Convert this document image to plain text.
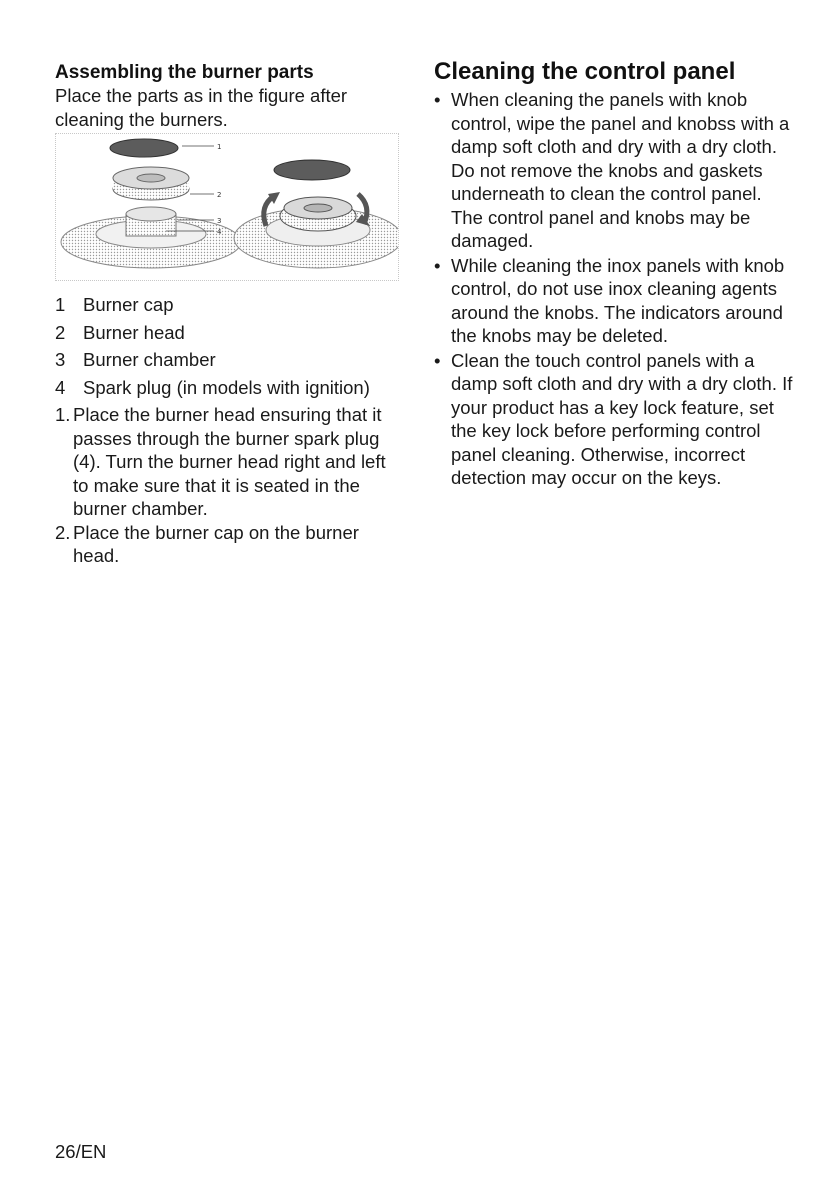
Assembling the burner parts

Place the parts as in the figure after cleaning the burners.

1
2
3
4
1 Burner cap
2 Burner head
3 Burner chamber
4 Spark plug (in models with ignition)
1. Place the burner head ensuring that it passes through the burner spark plug (4). Turn the burner head right and left to make sure that it is seated in the burner chamber.
2. Place the burner cap on the burner head.

Cleaning the control panel

• When cleaning the panels with knob control, wipe the panel and knobss with a damp soft cloth and dry with a dry cloth. Do not remove the knobs and gaskets underneath to clean the control panel. The control panel and knobs may be damaged.
• While cleaning the inox panels with knob control, do not use inox cleaning agents around the knobs. The indicators around the knobs may be deleted.
• Clean the touch control panels with a damp soft cloth and dry with a dry cloth. If your product has a key lock feature, set the key lock before performing control panel cleaning. Otherwise, incorrect detection may occur on the keys.
26/EN
